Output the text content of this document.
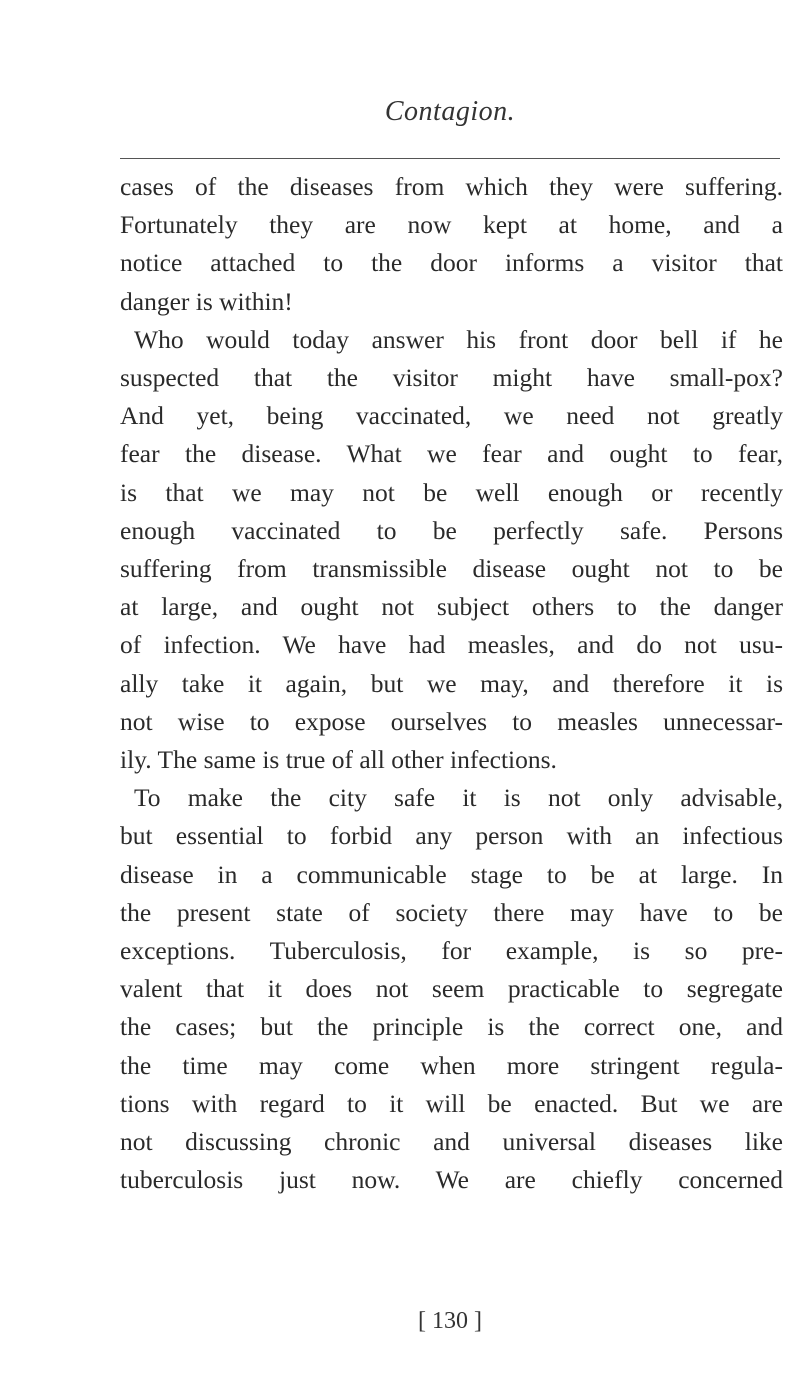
Contagion.
cases of the diseases from which they were suffering.
Fortunately they are now kept at home, and a
notice attached to the door informs a visitor that
danger is within!
Who would today answer his front door bell if he
suspected that the visitor might have small-pox?
And yet, being vaccinated, we need not greatly
fear the disease. What we fear and ought to fear,
is that we may not be well enough or recently
enough vaccinated to be perfectly safe. Persons
suffering from transmissible disease ought not to be
at large, and ought not subject others to the danger
of infection. We have had measles, and do not usu-
ally take it again, but we may, and therefore it is
not wise to expose ourselves to measles unnecessar-
ily. The same is true of all other infections.
To make the city safe it is not only advisable,
but essential to forbid any person with an infectious
disease in a communicable stage to be at large. In
the present state of society there may have to be
exceptions. Tuberculosis, for example, is so pre-
valent that it does not seem practicable to segregate
the cases; but the principle is the correct one, and
the time may come when more stringent regula-
tions with regard to it will be enacted. But we are
not discussing chronic and universal diseases like
tuberculosis just now. We are chiefly concerned
[ 130 ]
